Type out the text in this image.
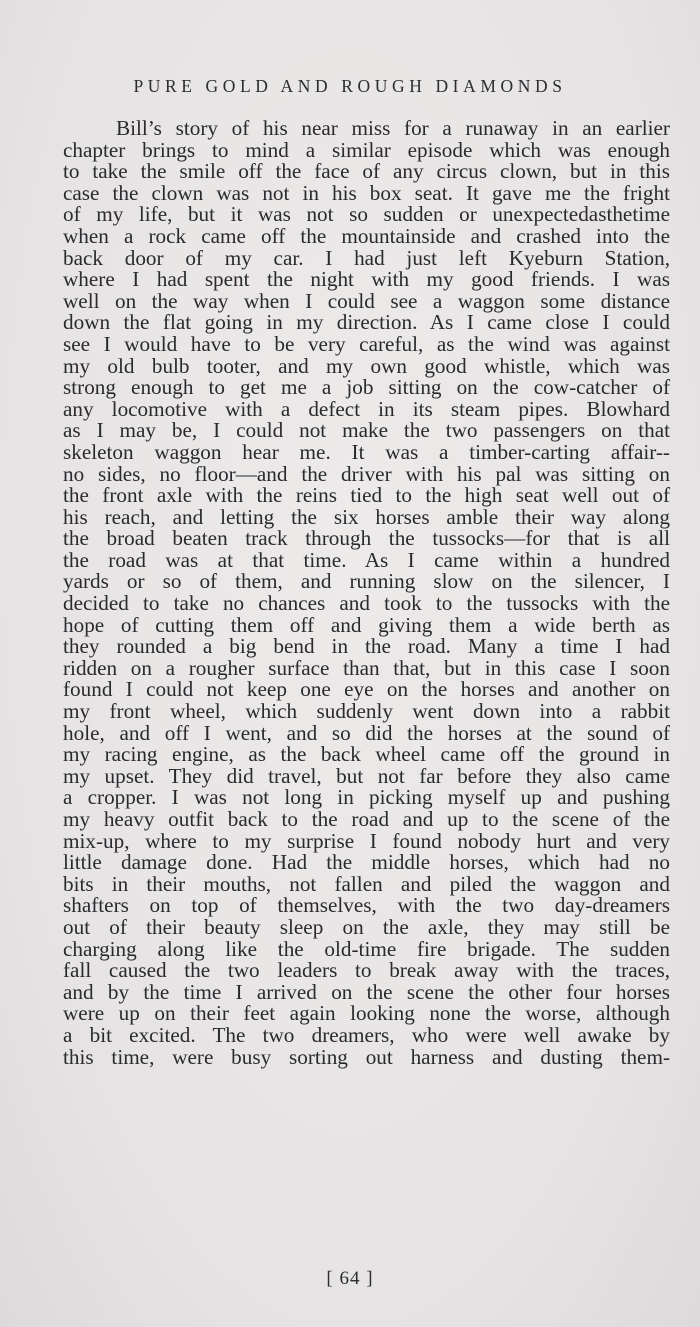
PURE GOLD AND ROUGH DIAMONDS
Bill’s story of his near miss for a runaway in an earlier
chapter brings to mind a similar episode which was enough
to take the smile off the face of any circus clown, but in this
case the clown was not in his box seat. It gave me the fright
of my life, but it was not so sudden or unexpectedasthetime
when a rock came off the mountainside and crashed into the
back door of my car. I had just left Kyeburn Station,
where I had spent the night with my good friends. I was
well on the way when I could see a waggon some distance
down the flat going in my direction. As I came close I could
see I would have to be very careful, as the wind was against
my old bulb tooter, and my own good whistle, which was
strong enough to get me a job sitting on the cow-catcher of
any locomotive with a defect in its steam pipes. Blowhard
as I may be, I could not make the two passengers on that
skeleton waggon hear me. It was a timber-carting affair--
no sides, no floor—and the driver with his pal was sitting on
the front axle with the reins tied to the high seat well out of
his reach, and letting the six horses amble their way along
the broad beaten track through the tussocks—for that is all
the road was at that time. As I came within a hundred
yards or so of them, and running slow on the silencer, I
decided to take no chances and took to the tussocks with the
hope of cutting them off and giving them a wide berth as
they rounded a big bend in the road. Many a time I had
ridden on a rougher surface than that, but in this case I soon
found I could not keep one eye on the horses and another on
my front wheel, which suddenly went down into a rabbit
hole, and off I went, and so did the horses at the sound of
my racing engine, as the back wheel came off the ground in
my upset. They did travel, but not far before they also came
a cropper. I was not long in picking myself up and pushing
my heavy outfit back to the road and up to the scene of the
mix-up, where to my surprise I found nobody hurt and very
little damage done. Had the middle horses, which had no
bits in their mouths, not fallen and piled the waggon and
shafters on top of themselves, with the two day-dreamers
out of their beauty sleep on the axle, they may still be
charging along like the old-time fire brigade. The sudden
fall caused the two leaders to break away with the traces,
and by the time I arrived on the scene the other four horses
were up on their feet again looking none the worse, although
a bit excited. The two dreamers, who were well awake by
this time, were busy sorting out harness and dusting them-
[ 64 ]
